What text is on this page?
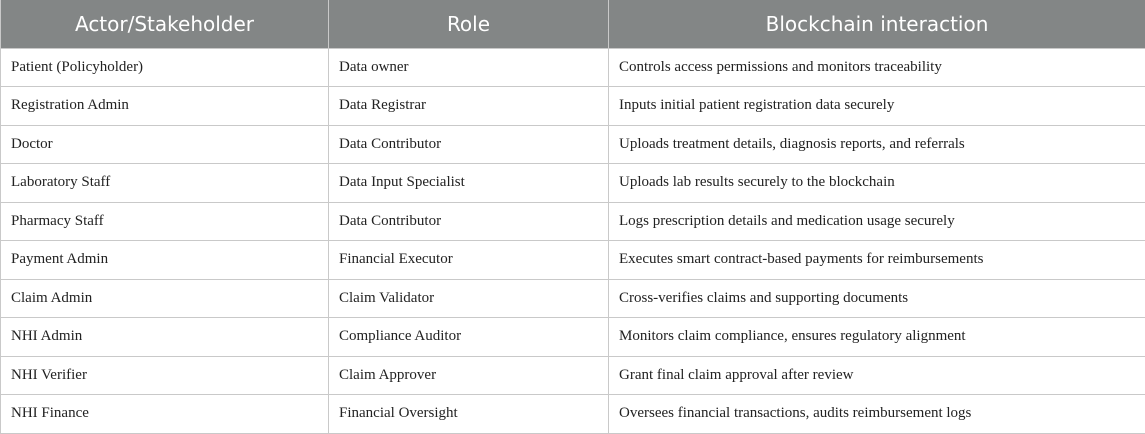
Actor/Stakeholder	Role	Blockchain interaction
Patient (Policyholder)	Data owner	Controls access permissions and monitors traceability
Registration Admin	Data Registrar	Inputs initial patient registration data securely
Doctor	Data Contributor	Uploads treatment details, diagnosis reports, and referrals
Laboratory Staff	Data Input Specialist	Uploads lab results securely to the blockchain
Pharmacy Staff	Data Contributor	Logs prescription details and medication usage securely
Payment Admin	Financial Executor	Executes smart contract-based payments for reimbursements
Claim Admin	Claim Validator	Cross-verifies claims and supporting documents
NHI Admin	Compliance Auditor	Monitors claim compliance, ensures regulatory alignment
NHI Verifier	Claim Approver	Grant final claim approval after review
NHI Finance	Financial Oversight	Oversees financial transactions, audits reimbursement logs
